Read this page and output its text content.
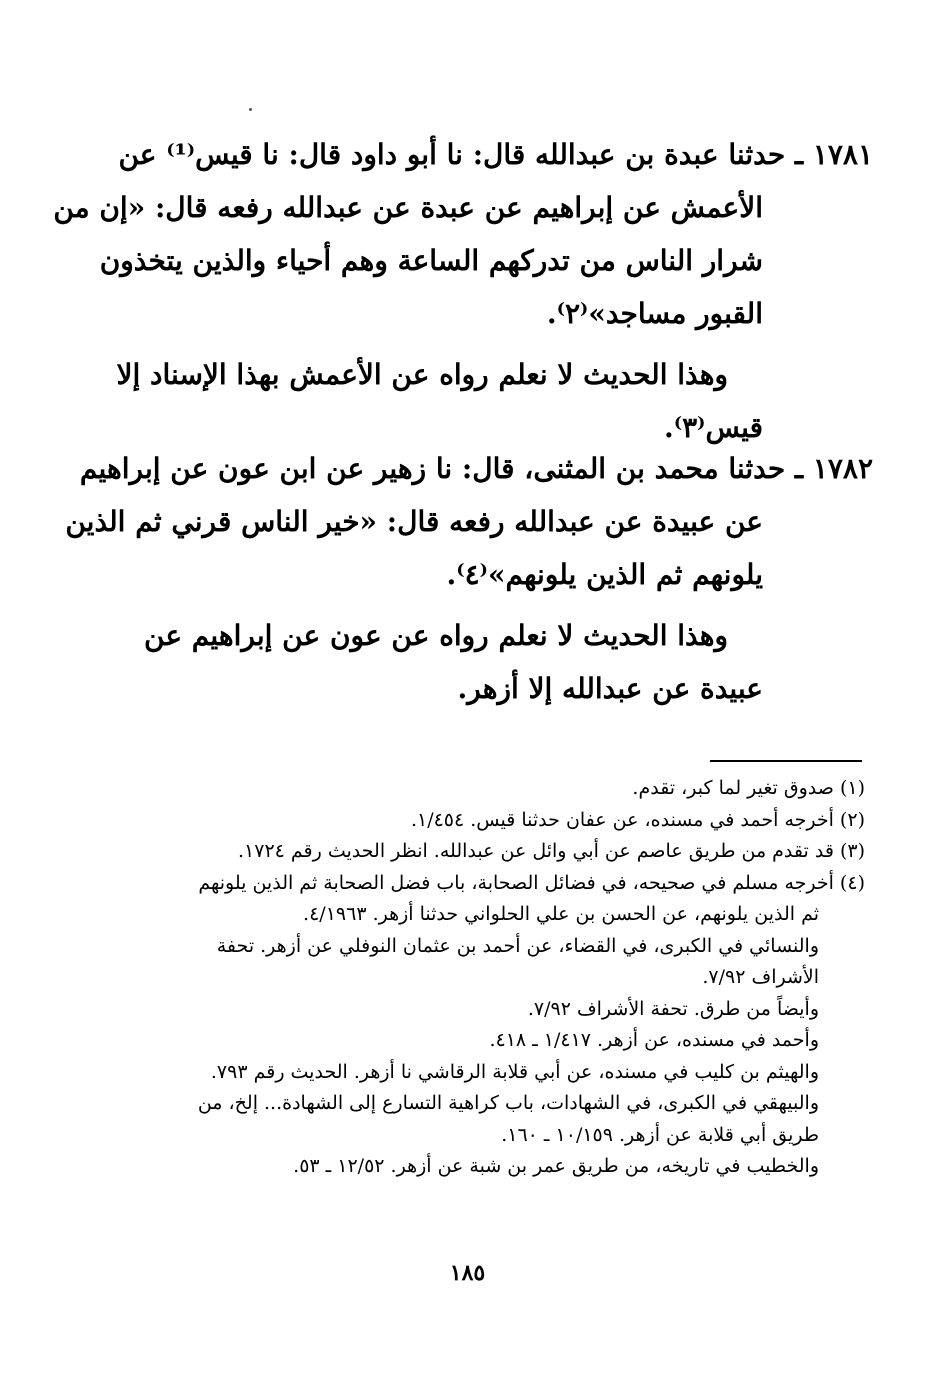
١٧٨١ ـ حدثنا عبدة بن عبدالله قال: نا أبو داود قال: نا قيس⁽¹⁾ عن
الأعمش عن إبراهيم عن عبدة عن عبدالله رفعه قال: «إن من
شرار الناس من تدركهم الساعة وهم أحياء والذين يتخذون
القبور مساجد»⁽٢⁾.
وهذا الحديث لا نعلم رواه عن الأعمش بهذا الإسناد إلا
قيس⁽٣⁾.
١٧٨٢ ـ حدثنا محمد بن المثنى، قال: نا زهير عن ابن عون عن إبراهيم
عن عبيدة عن عبدالله رفعه قال: «خير الناس قرني ثم الذين
يلونهم ثم الذين يلونهم»⁽٤⁾.
وهذا الحديث لا نعلم رواه عن عون عن إبراهيم عن
عبيدة عن عبدالله إلا أزهر.
(١) صدوق تغير لما كبر، تقدم.
(٢) أخرجه أحمد في مسنده، عن عفان حدثنا قيس. ١/٤٥٤.
(٣) قد تقدم من طريق عاصم عن أبي وائل عن عبدالله. انظر الحديث رقم ١٧٢٤.
(٤) أخرجه مسلم في صحيحه، في فضائل الصحابة، باب فضل الصحابة ثم الذين يلونهم
ثم الذين يلونهم، عن الحسن بن علي الحلواني حدثنا أزهر. ٤/١٩٦٣.
والنسائي في الكبرى، في القضاء، عن أحمد بن عثمان النوفلي عن أزهر. تحفة
الأشراف ٧/٩٢.
وأيضاً من طرق. تحفة الأشراف ٧/٩٢.
وأحمد في مسنده، عن أزهر. ١/٤١٧ ـ ٤١٨.
والهيثم بن كليب في مسنده، عن أبي قلابة الرقاشي نا أزهر. الحديث رقم ٧٩٣.
والبيهقي في الكبرى، في الشهادات، باب كراهية التسارع إلى الشهادة... إلخ، من
طريق أبي قلابة عن أزهر. ١٠/١٥٩ ـ ١٦٠.
والخطيب في تاريخه، من طريق عمر بن شبة عن أزهر. ١٢/٥٢ ـ ٥٣.
١٨٥
